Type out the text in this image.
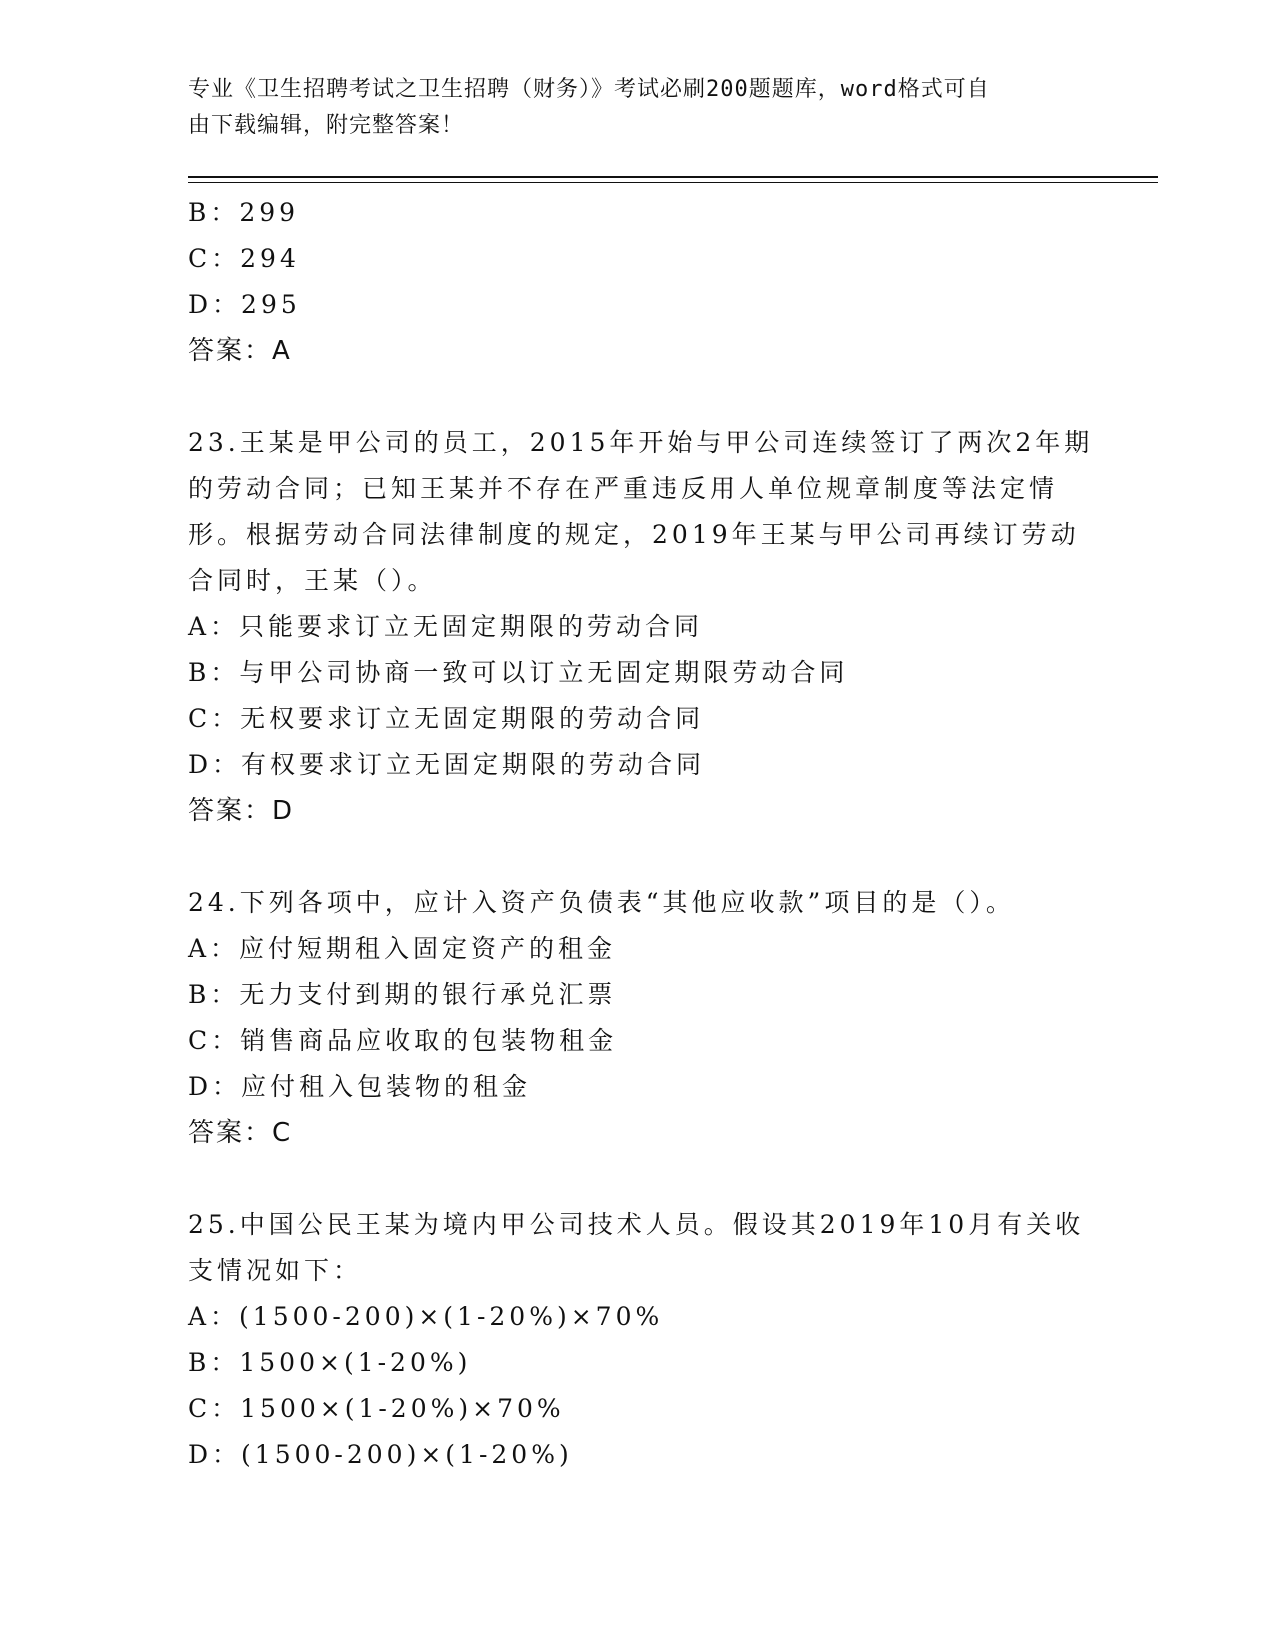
专业《卫生招聘考试之卫生招聘（财务）》考试必刷200题题库，word格式可自
由下载编辑，附完整答案！
B：299
C：294
D：295
答案：A
23.王某是甲公司的员工，2015年开始与甲公司连续签订了两次2年期
的劳动合同；已知王某并不存在严重违反用人单位规章制度等法定情
形。根据劳动合同法律制度的规定，2019年王某与甲公司再续订劳动
合同时，王某（）。
A：只能要求订立无固定期限的劳动合同
B：与甲公司协商一致可以订立无固定期限劳动合同
C：无权要求订立无固定期限的劳动合同
D：有权要求订立无固定期限的劳动合同
答案：D
24.下列各项中，应计入资产负债表“其他应收款”项目的是（）。
A：应付短期租入固定资产的租金
B：无力支付到期的银行承兑汇票
C：销售商品应收取的包装物租金
D：应付租入包装物的租金
答案：C
25.中国公民王某为境内甲公司技术人员。假设其2019年10月有关收
支情况如下：
A：(1500-200)×(1-20%)×70%
B：1500×(1-20%)
C：1500×(1-20%)×70%
D：(1500-200)×(1-20%)
